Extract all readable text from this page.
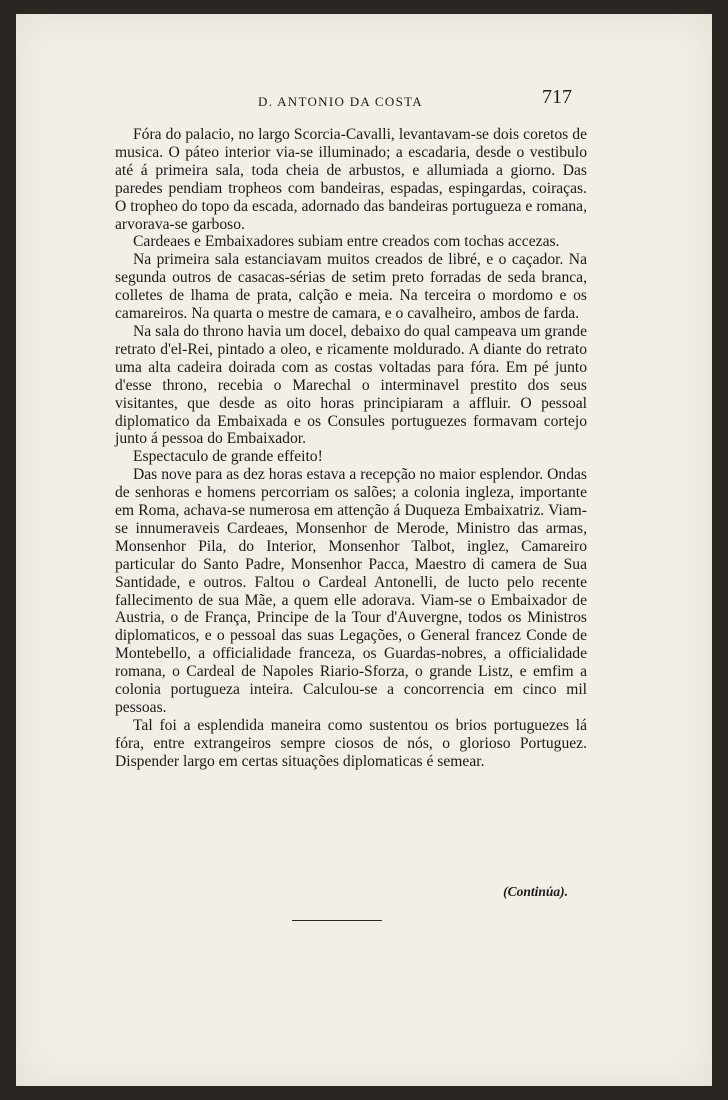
D. ANTONIO DA COSTA	717

Fóra do palacio, no largo Scorcia-Cavalli, levantavam-se dois coretos de musica. O páteo interior via-se illuminado; a escadaria, desde o vestibulo até á primeira sala, toda cheia de arbustos, e allumiada a giorno. Das paredes pendiam tropheos com bandeiras, espadas, espingardas, coiraças. O tropheo do topo da escada, adornado das bandeiras portugueza e romana, arvorava-se garboso.

Cardeaes e Embaixadores subiam entre creados com tochas accezas.

Na primeira sala estanciavam muitos creados de libré, e o caçador. Na segunda outros de casacas-sérias de setim preto forradas de seda branca, colletes de lhama de prata, calção e meia. Na terceira o mordomo e os camareiros. Na quarta o mestre de camara, e o cavalheiro, ambos de farda.

Na sala do throno havia um docel, debaixo do qual campeava um grande retrato d'el-Rei, pintado a oleo, e ricamente moldurado. A diante do retrato uma alta cadeira doirada com as costas voltadas para fóra. Em pé junto d'esse throno, recebia o Marechal o interminavel prestito dos seus visitantes, que desde as oito horas principiaram a affluir. O pessoal diplomatico da Embaixada e os Consules portuguezes formavam cortejo junto á pessoa do Embaixador.

Espectaculo de grande effeito!

Das nove para as dez horas estava a recepção no maior esplendor. Ondas de senhoras e homens percorriam os salões; a colonia ingleza, importante em Roma, achava-se numerosa em attenção á Duqueza Embaixatriz. Viam-se innumeraveis Cardeaes, Monsenhor de Merode, Ministro das armas, Monsenhor Pila, do Interior, Monsenhor Talbot, inglez, Camareiro particular do Santo Padre, Monsenhor Pacca, Maestro di camera de Sua Santidade, e outros. Faltou o Cardeal Antonelli, de lucto pelo recente fallecimento de sua Mãe, a quem elle adorava. Viam-se o Embaixador de Austria, o de França, Principe de la Tour d'Auvergne, todos os Ministros diplomaticos, e o pessoal das suas Legações, o General francez Conde de Montebello, a officialidade franceza, os Guardas-nobres, a officialidade romana, o Cardeal de Napoles Riario-Sforza, o grande Listz, e emfim a colonia portugueza inteira. Calculou-se a concorrencia em cinco mil pessoas.

Tal foi a esplendida maneira como sustentou os brios portuguezes lá fóra, entre extrangeiros sempre ciosos de nós, o glorioso Portuguez. Dispender largo em certas situações diplomaticas é semear.

(Continúa).
